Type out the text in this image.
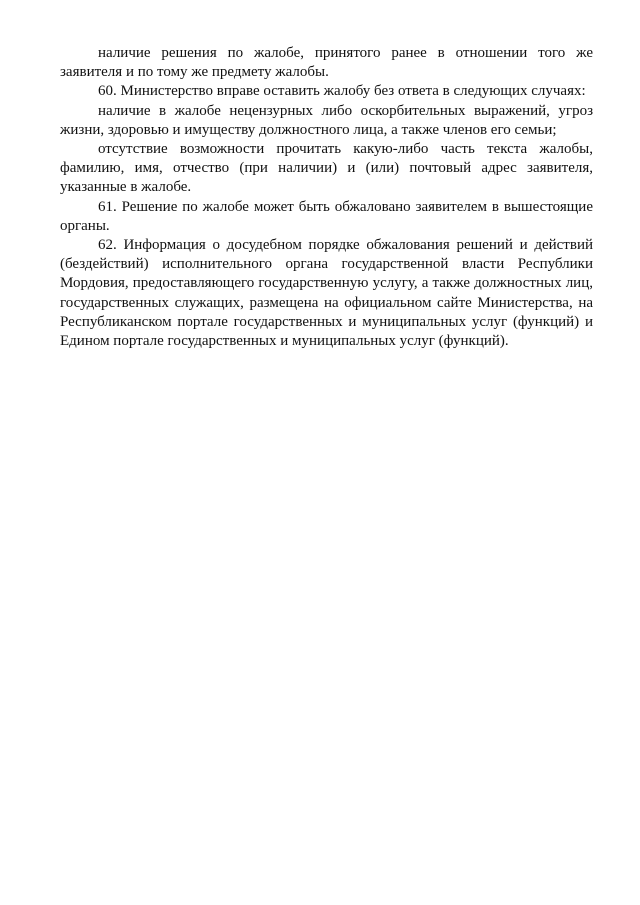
наличие решения по жалобе, принятого ранее в отношении того же заявителя и по тому же предмету жалобы.

60. Министерство вправе оставить жалобу без ответа в следующих случаях:

наличие в жалобе нецензурных либо оскорбительных выражений, угроз жизни, здоровью и имуществу должностного лица, а также членов его семьи;

отсутствие возможности прочитать какую-либо часть текста жалобы, фамилию, имя, отчество (при наличии) и (или) почтовый адрес заявителя, указанные в жалобе.

61. Решение по жалобе может быть обжаловано заявителем в вышестоящие органы.

62. Информация о досудебном порядке обжалования решений и действий (бездействий) исполнительного органа государственной власти Республики Мордовия, предоставляющего государственную услугу, а также должностных лиц, государственных служащих, размещена на официальном сайте Министерства, на Республиканском портале государственных и муниципальных услуг (функций) и Едином портале государственных и муниципальных услуг (функций).
